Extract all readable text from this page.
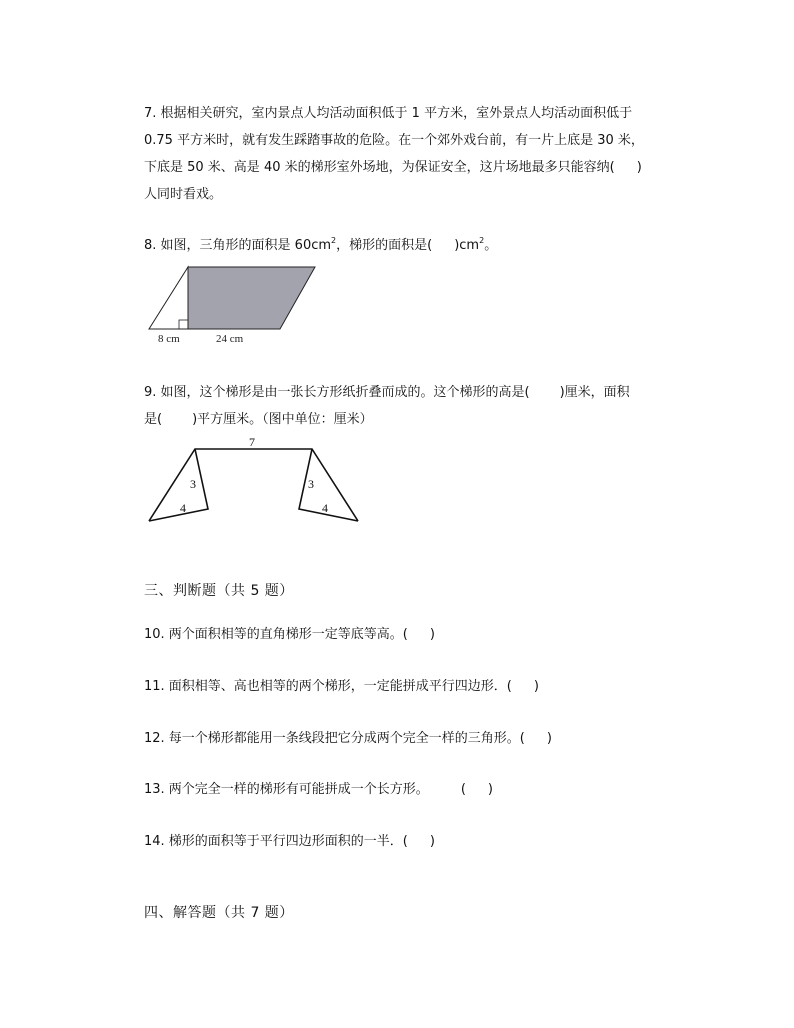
7. 根据相关研究，室内景点人均活动面积低于 1 平方米，室外景点人均活动面积低于
0.75 平方米时，就有发生踩踏事故的危险。在一个郊外戏台前，有一片上底是 30 米，
下底是 50 米、高是 40 米的梯形室外场地，为保证安全，这片场地最多只能容纳( )
人同时看戏。
8. 如图，三角形的面积是 $60cm^2$，梯形的面积是( )$cm^2$。
8 cm	24 cm
9. 如图，这个梯形是由一张长方形纸折叠而成的。这个梯形的高是( )厘米，面积
是( )平方厘米。（图中单位：厘米）
7
3
4
3
4
三、判断题（共 5 题）
10. 两个面积相等的直角梯形一定等底等高。( )
11. 面积相等、高也相等的两个梯形，一定能拼成平行四边形．( )
12. 每一个梯形都能用一条线段把它分成两个完全一样的三角形。( )
13. 两个完全一样的梯形有可能拼成一个长方形。 ( )
14. 梯形的面积等于平行四边形面积的一半．( )
四、解答题（共 7 题）
